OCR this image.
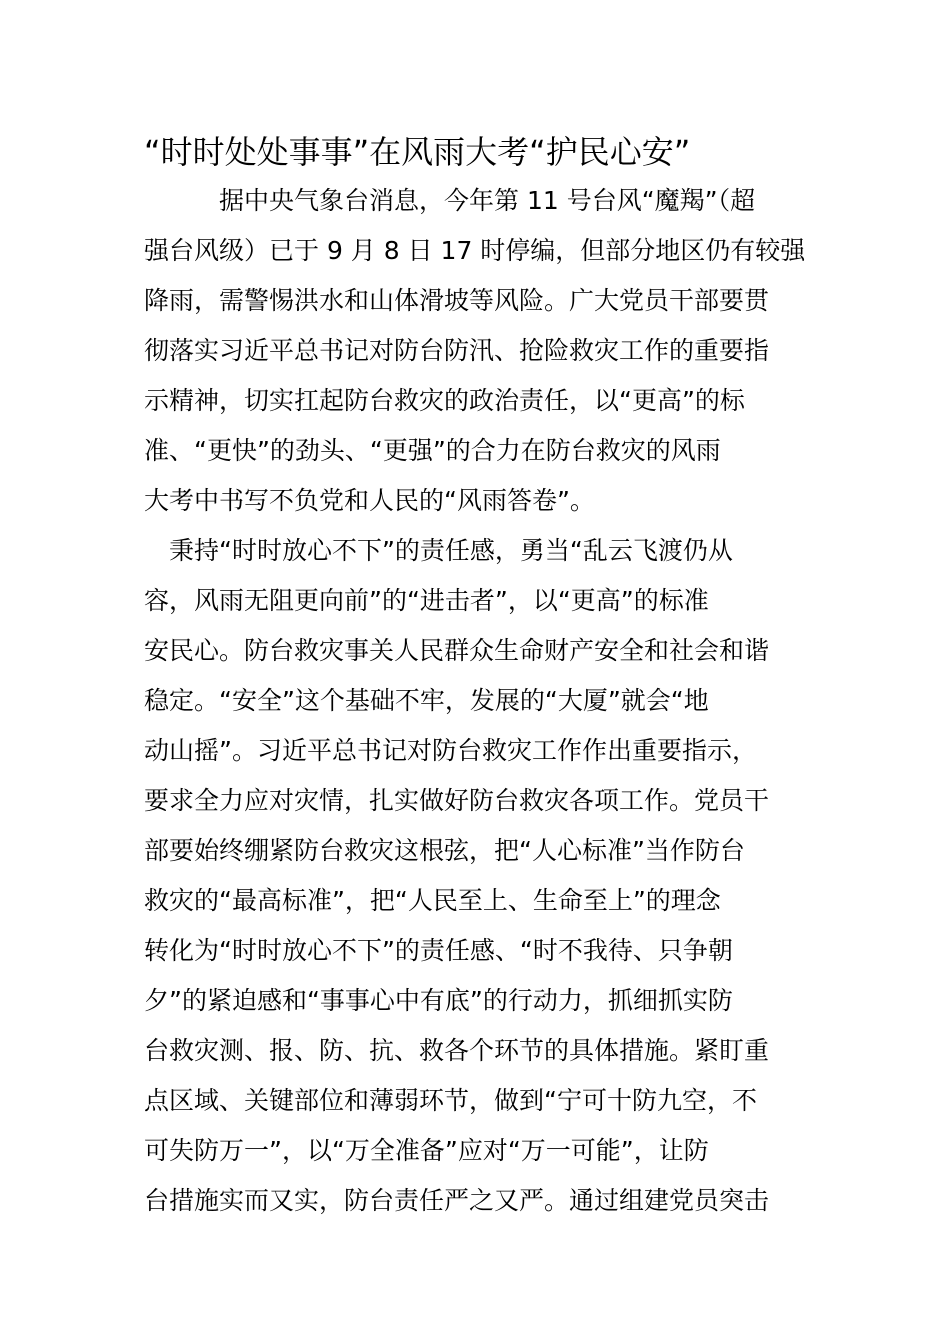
“时时处处事事”在风雨大考“护民心安”
据中央气象台消息，今年第 11 号台风“魔羯”（超
强台风级）已于 9 月 8 日 17 时停编，但部分地区仍有较强
降雨，需警惕洪水和山体滑坡等风险。广大党员干部要贯
彻落实习近平总书记对防台防汛、抢险救灾工作的重要指
示精神，切实扛起防台救灾的政治责任，以“更高”的标
准、“更快”的劲头、“更强”的合力在防台救灾的风雨
大考中书写不负党和人民的“风雨答卷”。
秉持“时时放心不下”的责任感，勇当“乱云飞渡仍从
容，风雨无阻更向前”的“进击者”，以“更高”的标准
安民心。防台救灾事关人民群众生命财产安全和社会和谐
稳定。“安全”这个基础不牢，发展的“大厦”就会“地
动山摇”。习近平总书记对防台救灾工作作出重要指示，
要求全力应对灾情，扎实做好防台救灾各项工作。党员干
部要始终绷紧防台救灾这根弦，把“人心标准”当作防台
救灾的“最高标准”，把“人民至上、生命至上”的理念
转化为“时时放心不下”的责任感、“时不我待、只争朝
夕”的紧迫感和“事事心中有底”的行动力，抓细抓实防
台救灾测、报、防、抗、救各个环节的具体措施。紧盯重
点区域、关键部位和薄弱环节，做到“宁可十防九空，不
可失防万一”，以“万全准备”应对“万一可能”，让防
台措施实而又实，防台责任严之又严。通过组建党员突击
